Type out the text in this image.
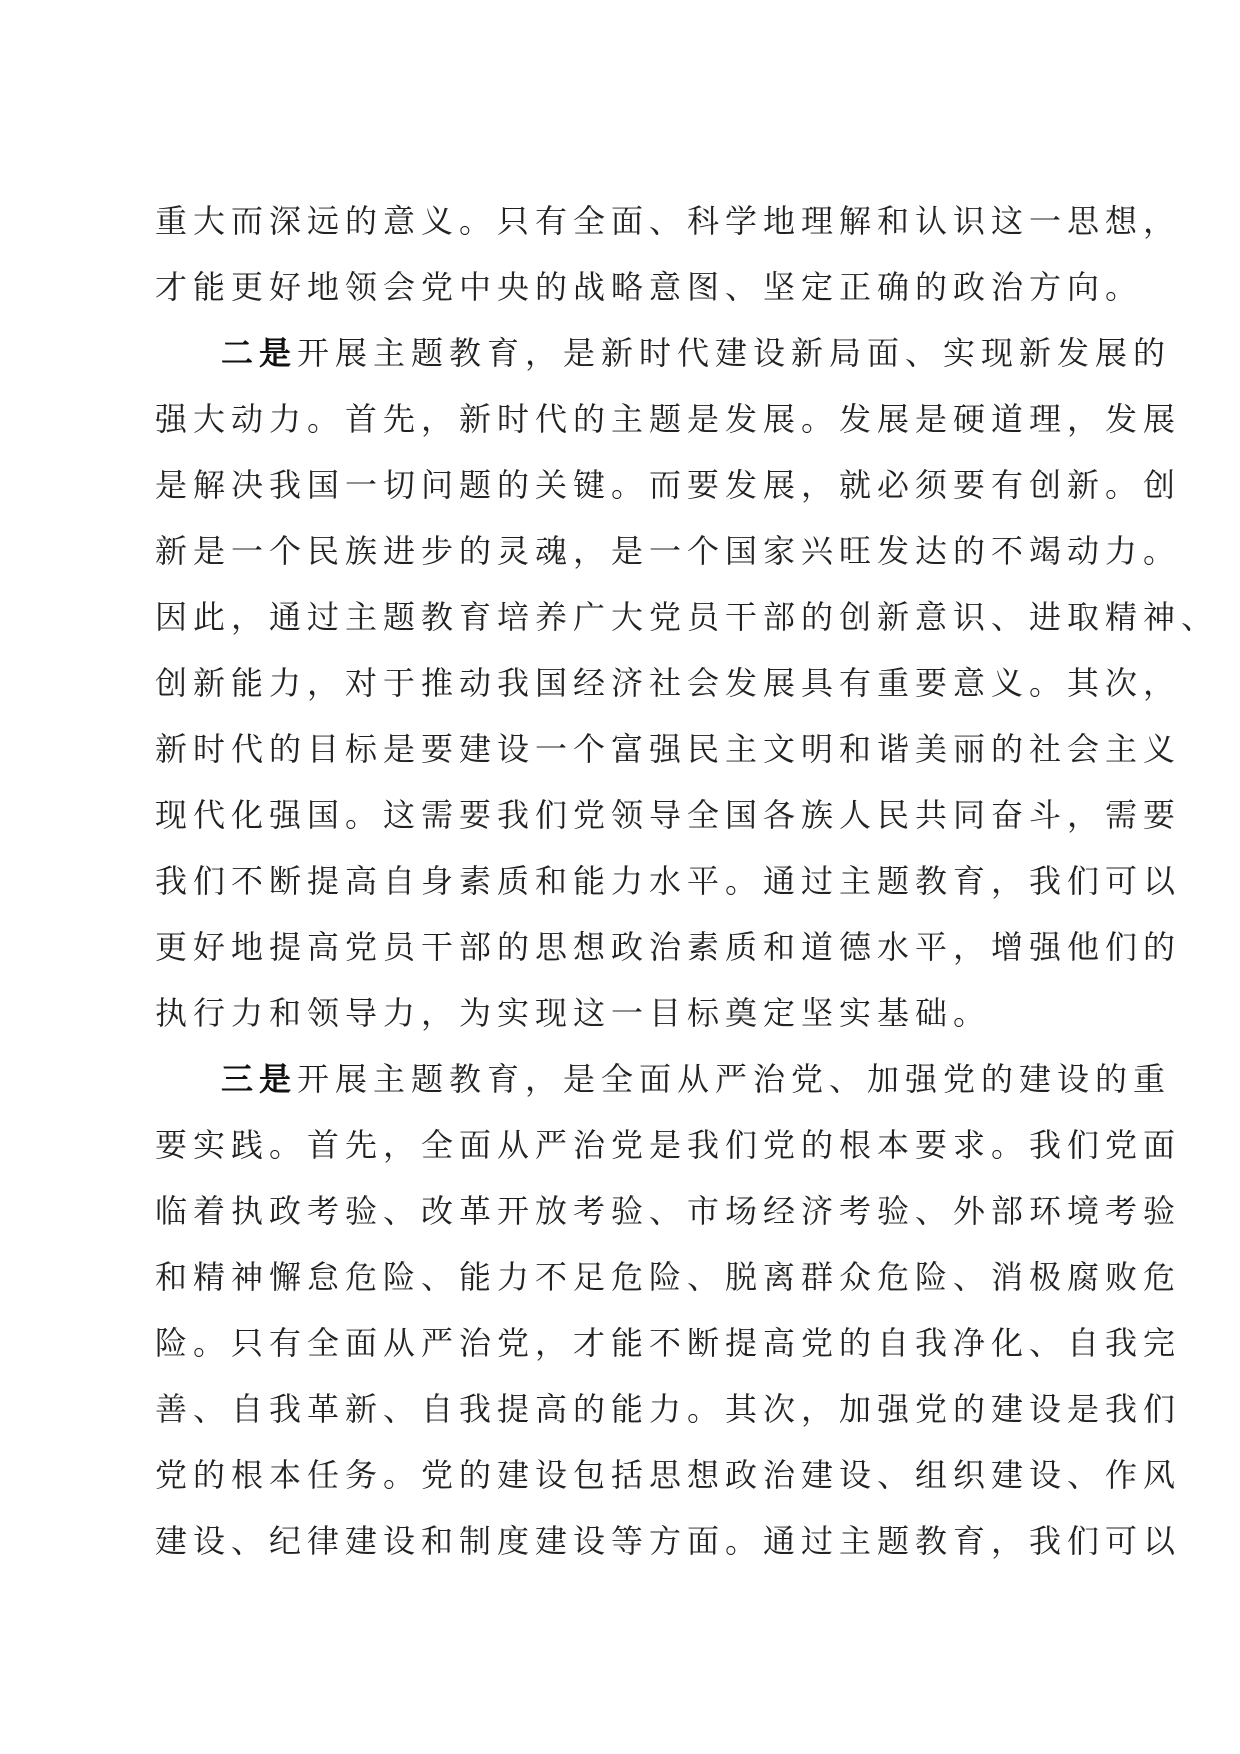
重大而深远的意义。只有全面、科学地理解和认识这一思想，
才能更好地领会党中央的战略意图、坚定正确的政治方向。
二是开展主题教育，是新时代建设新局面、实现新发展的
强大动力。首先，新时代的主题是发展。发展是硬道理，发展
是解决我国一切问题的关键。而要发展，就必须要有创新。创
新是一个民族进步的灵魂，是一个国家兴旺发达的不竭动力。
因此，通过主题教育培养广大党员干部的创新意识、进取精神、
创新能力，对于推动我国经济社会发展具有重要意义。其次，
新时代的目标是要建设一个富强民主文明和谐美丽的社会主义
现代化强国。这需要我们党领导全国各族人民共同奋斗，需要
我们不断提高自身素质和能力水平。通过主题教育，我们可以
更好地提高党员干部的思想政治素质和道德水平，增强他们的
执行力和领导力，为实现这一目标奠定坚实基础。
三是开展主题教育，是全面从严治党、加强党的建设的重
要实践。首先，全面从严治党是我们党的根本要求。我们党面
临着执政考验、改革开放考验、市场经济考验、外部环境考验
和精神懈怠危险、能力不足危险、脱离群众危险、消极腐败危
险。只有全面从严治党，才能不断提高党的自我净化、自我完
善、自我革新、自我提高的能力。其次，加强党的建设是我们
党的根本任务。党的建设包括思想政治建设、组织建设、作风
建设、纪律建设和制度建设等方面。通过主题教育，我们可以
